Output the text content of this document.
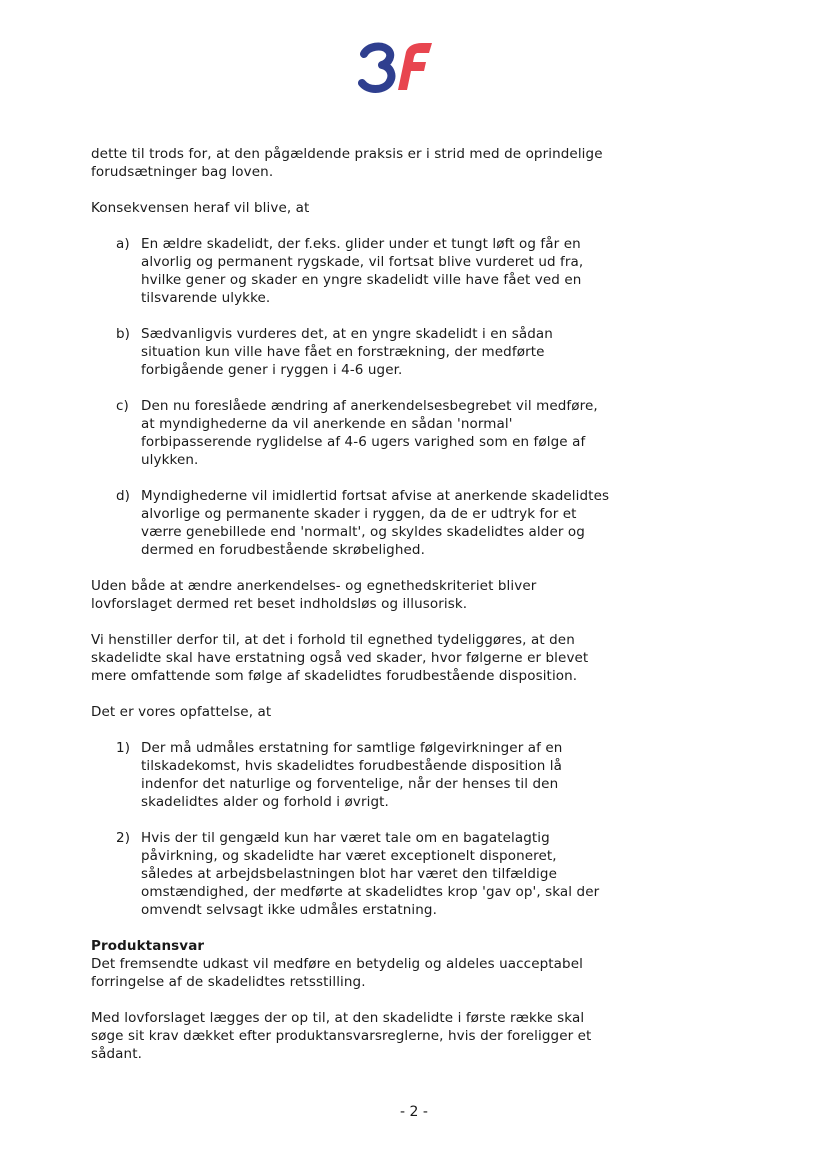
dette til trods for, at den pågældende praksis er i strid med de oprindelige forudsætninger bag loven.

Konsekvensen heraf vil blive, at

a) En ældre skadelidt, der f.eks. glider under et tungt løft og får en alvorlig og permanent rygskade, vil fortsat blive vurderet ud fra, hvilke gener og skader en yngre skadelidt ville have fået ved en tilsvarende ulykke.
b) Sædvanligvis vurderes det, at en yngre skadelidt i en sådan situation kun ville have fået en forstrækning, der medførte forbigående gener i ryggen i 4-6 uger.
c) Den nu foreslåede ændring af anerkendelsesbegrebet vil medføre, at myndighederne da vil anerkende en sådan 'normal' forbipasserende ryglidelse af 4-6 ugers varighed som en følge af ulykken.
d) Myndighederne vil imidlertid fortsat afvise at anerkende skadelidtes alvorlige og permanente skader i ryggen, da de er udtryk for et værre genebillede end 'normalt', og skyldes skadelidtes alder og dermed en forudbestående skrøbelighed.

Uden både at ændre anerkendelses- og egnethedskriteriet bliver lovforslaget dermed ret beset indholdsløs og illusorisk.

Vi henstiller derfor til, at det i forhold til egnethed tydeliggøres, at den skadelidte skal have erstatning også ved skader, hvor følgerne er blevet mere omfattende som følge af skadelidtes forudbestående disposition.

Det er vores opfattelse, at

1) Der må udmåles erstatning for samtlige følgevirkninger af en tilskadekomst, hvis skadelidtes forudbestående disposition lå indenfor det naturlige og forventelige, når der henses til den skadelidtes alder og forhold i øvrigt.
2) Hvis der til gengæld kun har været tale om en bagatelagtig påvirkning, og skadelidte har været exceptionelt disponeret, således at arbejdsbelastningen blot har været den tilfældige omstændighed, der medførte at skadelidtes krop 'gav op', skal der omvendt selvsagt ikke udmåles erstatning.

Produktansvar

Det fremsendte udkast vil medføre en betydelig og aldeles uacceptabel forringelse af de skadelidtes retsstilling.

Med lovforslaget lægges der op til, at den skadelidte i første række skal søge sit krav dækket efter produktansvarsreglerne, hvis der foreligger et sådant.

- 2 -
